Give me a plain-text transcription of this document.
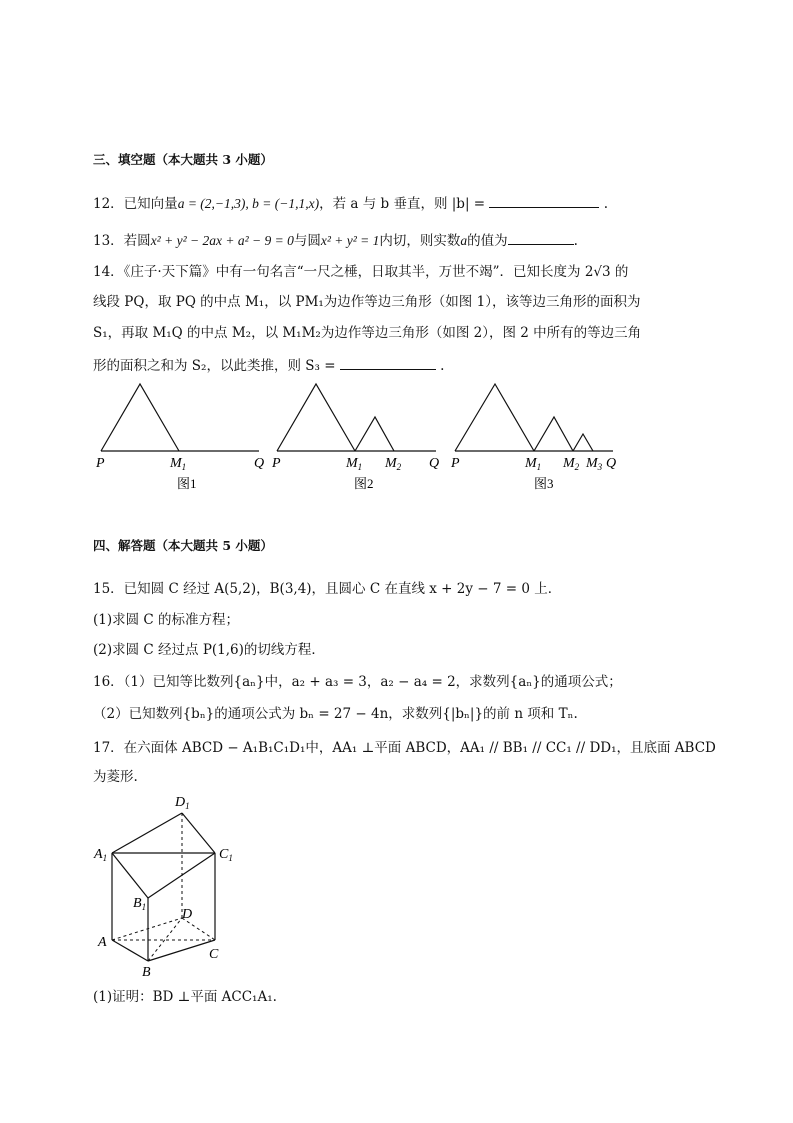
三、填空题（本大题共 3 小题）
12．已知向量a = (2,−1,3), b = (−1,1,x)，若 a 与 b 垂直，则 |b| =	.
13．若圆x² + y² − 2ax + a² − 9 = 0与圆x² + y² = 1内切，则实数a的值为	.
14．《庄子·天下篇》中有一句名言“一尺之棰，日取其半，万世不竭”．已知长度为 2√3 的
线段 PQ，取 PQ 的中点 M₁，以 PM₁为边作等边三角形（如图 1），该等边三角形的面积为
S₁，再取 M₁Q 的中点 M₂，以 M₁M₂为边作等边三角形（如图 2），图 2 中所有的等边三角
形的面积之和为 S₂，以此类推，则 S₃ =	.
P	$M_1$	Q
图1
P	$M_1$ $M_2$ Q
图2
P	$M_1$ $M_2$ $M_3$ Q
图3
四、解答题（本大题共 5 小题）
15．已知圆 C 经过 A(5,2)，B(3,4)，且圆心 C 在直线 x + 2y − 7 = 0 上．
(1)求圆 C 的标准方程；
(2)求圆 C 经过点 P(1,6)的切线方程．
16．（1）已知等比数列{aₙ}中，a₂ + a₃ = 3，a₂ − a₄ = 2，求数列{aₙ}的通项公式；
（2）已知数列{bₙ}的通项公式为 bₙ = 27 − 4n，求数列{|bₙ|}的前 n 项和 Tₙ.
17．在六面体 ABCD − A₁B₁C₁D₁中，AA₁ ⊥平面 ABCD，AA₁ // BB₁ // CC₁ // DD₁，且底面 ABCD
为菱形.
$D_1$
$A_1$	$C_1$
$B_1$	D
A
C
B
(1)证明：BD ⊥平面 ACC₁A₁.
